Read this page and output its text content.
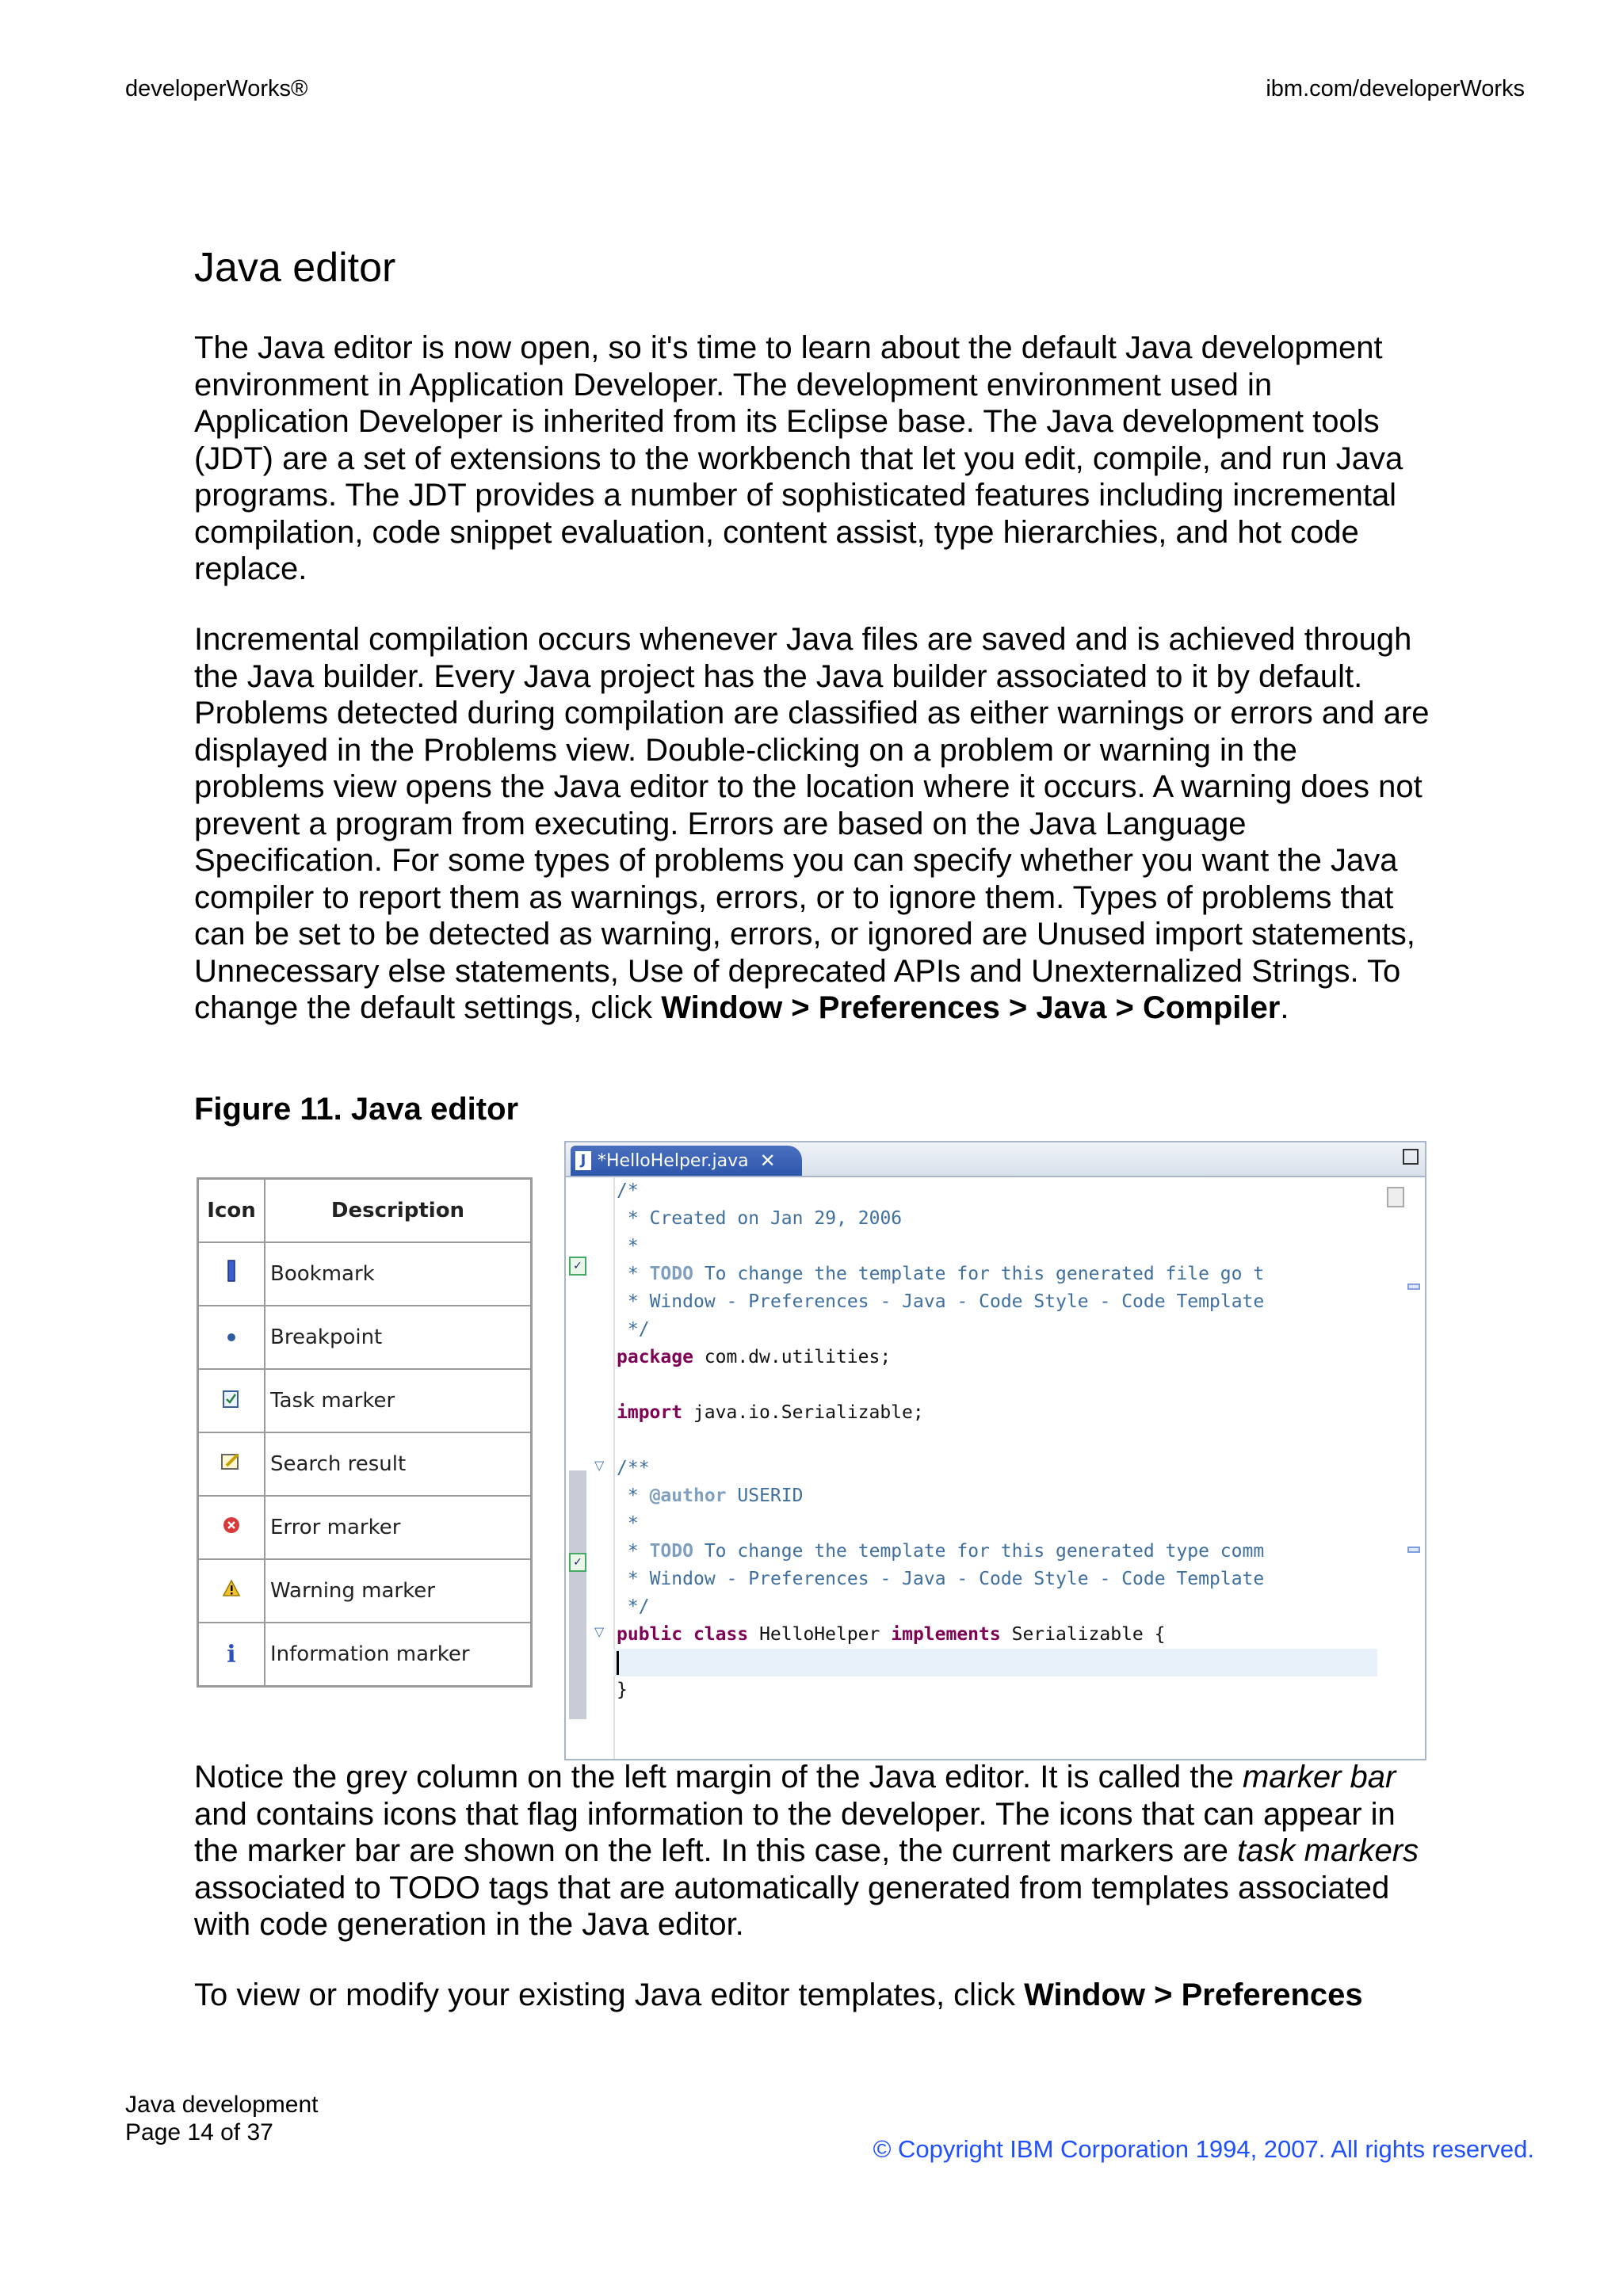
developerWorks®	ibm.com/developerWorks
Java editor

The Java editor is now open, so it's time to learn about the default Java development environment in Application Developer. The development environment used in Application Developer is inherited from its Eclipse base. The Java development tools (JDT) are a set of extensions to the workbench that let you edit, compile, and run Java programs. The JDT provides a number of sophisticated features including incremental compilation, code snippet evaluation, content assist, type hierarchies, and hot code replace.

Incremental compilation occurs whenever Java files are saved and is achieved through the Java builder. Every Java project has the Java builder associated to it by default. Problems detected during compilation are classified as either warnings or errors and are displayed in the Problems view. Double-clicking on a problem or warning in the problems view opens the Java editor to the location where it occurs. A warning does not prevent a program from executing. Errors are based on the Java Language Specification. For some types of problems you can specify whether you want the Java compiler to report them as warnings, errors, or to ignore them. Types of problems that can be set to be detected as warning, errors, or ignored are Unused import statements, Unnecessary else statements, Use of deprecated APIs and Unexternalized Strings. To change the default settings, click Window > Preferences > Java > Compiler.

Figure 11. Java editor

Icon	Description
	Bookmark
	Breakpoint
	Task marker
	Search result
	Error marker
	Warning marker
i	Information marker
J *HelloHelper.java ✕
✓
✓
/*
* Created on Jan 29, 2006
*
* TODO To change the template for this generated file go t
* Window - Preferences - Java - Code Style - Code Template
*/
package com.dw.utilities;
import java.io.Serializable;
/**
* @author USERID
*
* TODO To change the template for this generated type comm
* Window - Preferences - Java - Code Style - Code Template
*/
public class HelloHelper implements Serializable {
}
▽
▽

Notice the grey column on the left margin of the Java editor. It is called the marker bar and contains icons that flag information to the developer. The icons that can appear in the marker bar are shown on the left. In this case, the current markers are task markers associated to TODO tags that are automatically generated from templates associated with code generation in the Java editor.

To view or modify your existing Java editor templates, click Window > Preferences

Java development
Page 14 of 37
© Copyright IBM Corporation 1994, 2007. All rights reserved.
